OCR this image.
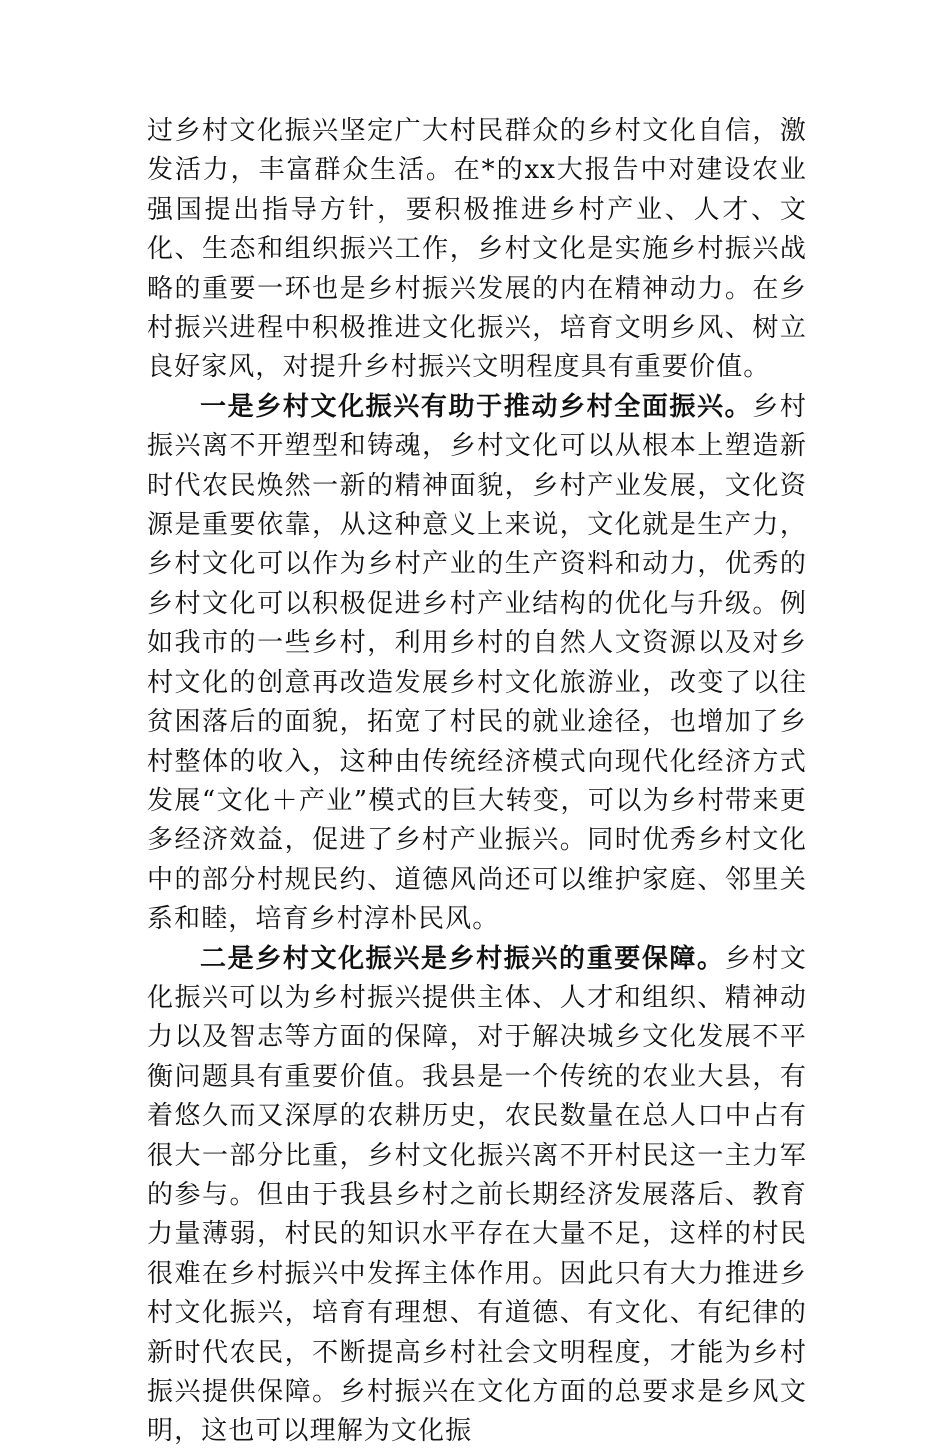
过乡村文化振兴坚定广大村民群众的乡村文化自信，激发活力，丰富群众生活。在*的xx大报告中对建设农业强国提出指导方针，要积极推进乡村产业、人才、文化、生态和组织振兴工作，乡村文化是实施乡村振兴战略的重要一环也是乡村振兴发展的内在精神动力。在乡村振兴进程中积极推进文化振兴，培育文明乡风、树立良好家风，对提升乡村振兴文明程度具有重要价值。

一是乡村文化振兴有助于推动乡村全面振兴。乡村振兴离不开塑型和铸魂，乡村文化可以从根本上塑造新时代农民焕然一新的精神面貌，乡村产业发展，文化资源是重要依靠，从这种意义上来说，文化就是生产力，乡村文化可以作为乡村产业的生产资料和动力，优秀的乡村文化可以积极促进乡村产业结构的优化与升级。例如我市的一些乡村，利用乡村的自然人文资源以及对乡村文化的创意再改造发展乡村文化旅游业，改变了以往贫困落后的面貌，拓宽了村民的就业途径，也增加了乡村整体的收入，这种由传统经济模式向现代化经济方式发展“文化＋产业”模式的巨大转变，可以为乡村带来更多经济效益，促进了乡村产业振兴。同时优秀乡村文化中的部分村规民约、道德风尚还可以维护家庭、邻里关系和睦，培育乡村淳朴民风。

二是乡村文化振兴是乡村振兴的重要保障。乡村文化振兴可以为乡村振兴提供主体、人才和组织、精神动力以及智志等方面的保障，对于解决城乡文化发展不平衡问题具有重要价值。我县是一个传统的农业大县，有着悠久而又深厚的农耕历史，农民数量在总人口中占有很大一部分比重，乡村文化振兴离不开村民这一主力军的参与。但由于我县乡村之前长期经济发展落后、教育力量薄弱，村民的知识水平存在大量不足，这样的村民很难在乡村振兴中发挥主体作用。因此只有大力推进乡村文化振兴，培育有理想、有道德、有文化、有纪律的新时代农民，不断提高乡村社会文明程度，才能为乡村振兴提供保障。乡村振兴在文化方面的总要求是乡风文明，这也可以理解为文化振
